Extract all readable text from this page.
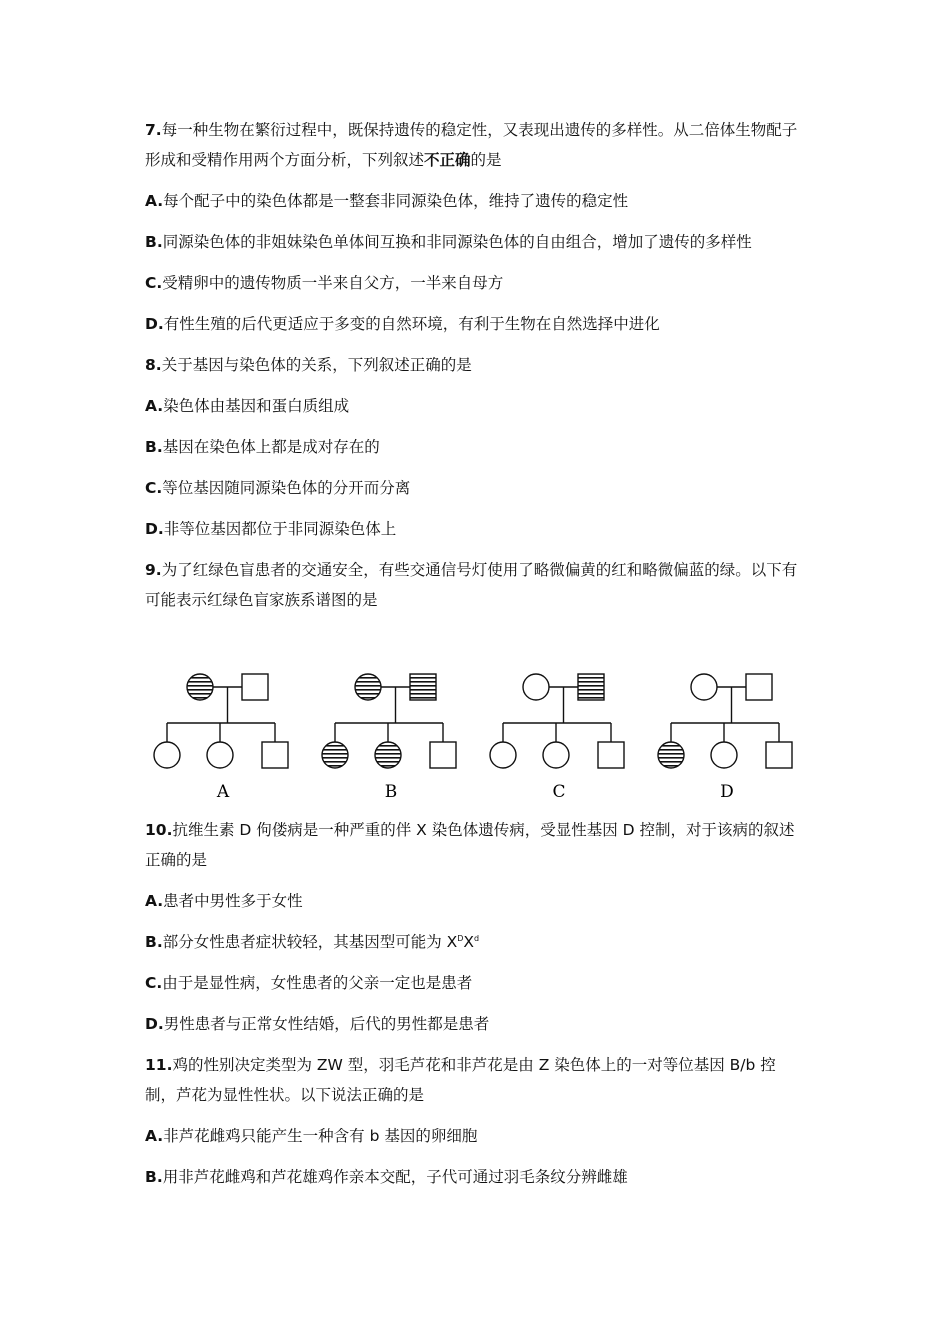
7.每一种生物在繁衍过程中，既保持遗传的稳定性，又表现出遗传的多样性。从二倍体生物配子形成和受精作用两个方面分析，下列叙述不正确的是

A.每个配子中的染色体都是一整套非同源染色体，维持了遗传的稳定性

B.同源染色体的非姐妹染色单体间互换和非同源染色体的自由组合，增加了遗传的多样性

C.受精卵中的遗传物质一半来自父方，一半来自母方

D.有性生殖的后代更适应于多变的自然环境，有利于生物在自然选择中进化

8.关于基因与染色体的关系，下列叙述正确的是

A.染色体由基因和蛋白质组成

B.基因在染色体上都是成对存在的

C.等位基因随同源染色体的分开而分离

D.非等位基因都位于非同源染色体上

9.为了红绿色盲患者的交通安全，有些交通信号灯使用了略微偏黄的红和略微偏蓝的绿。以下有可能表示红绿色盲家族系谱图的是

A	B	C	D

10.抗维生素 D 佝偻病是一种严重的伴 X 染色体遗传病，受显性基因 D 控制，对于该病的叙述正确的是

A.患者中男性多于女性

B.部分女性患者症状较轻，其基因型可能为 $X^DX^d$

C.由于是显性病，女性患者的父亲一定也是患者

D.男性患者与正常女性结婚，后代的男性都是患者

11.鸡的性别决定类型为 ZW 型，羽毛芦花和非芦花是由 Z 染色体上的一对等位基因 B/b 控制，芦花为显性性状。以下说法正确的是

A.非芦花雌鸡只能产生一种含有 b 基因的卵细胞

B.用非芦花雌鸡和芦花雄鸡作亲本交配，子代可通过羽毛条纹分辨雌雄
